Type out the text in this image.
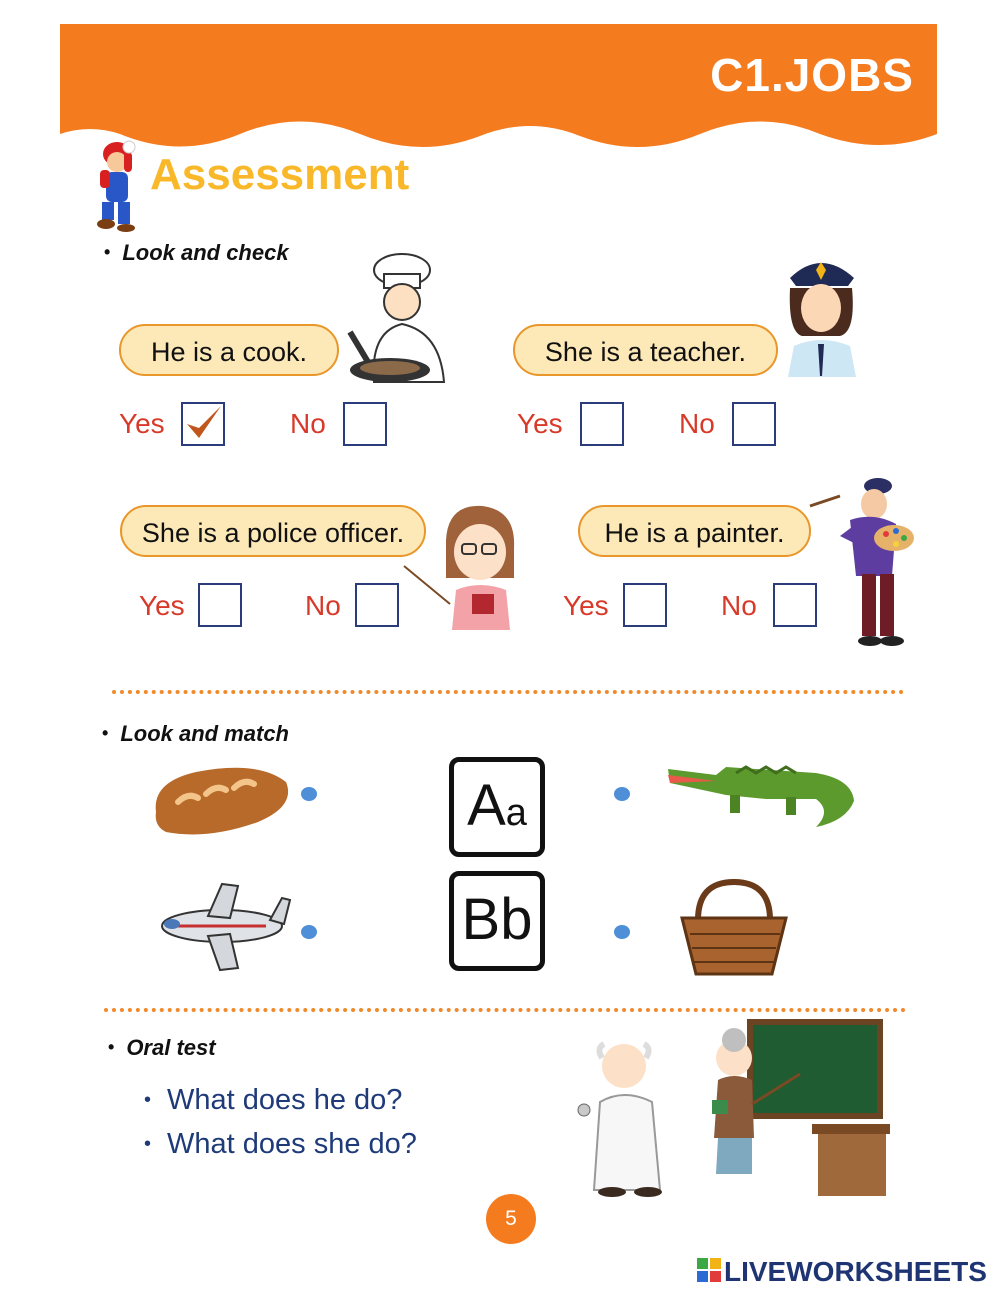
C1.JOBS
Assessment
• Look and check
He is a cook.
Yes	No
She is a teacher.
Yes	No
She is a police officer.
Yes	No
He is a painter.
Yes	No
• Look and match
Aa
Bb
• Oral test
• What does he do?
• What does she do?
5
LIVEWORKSHEETS
